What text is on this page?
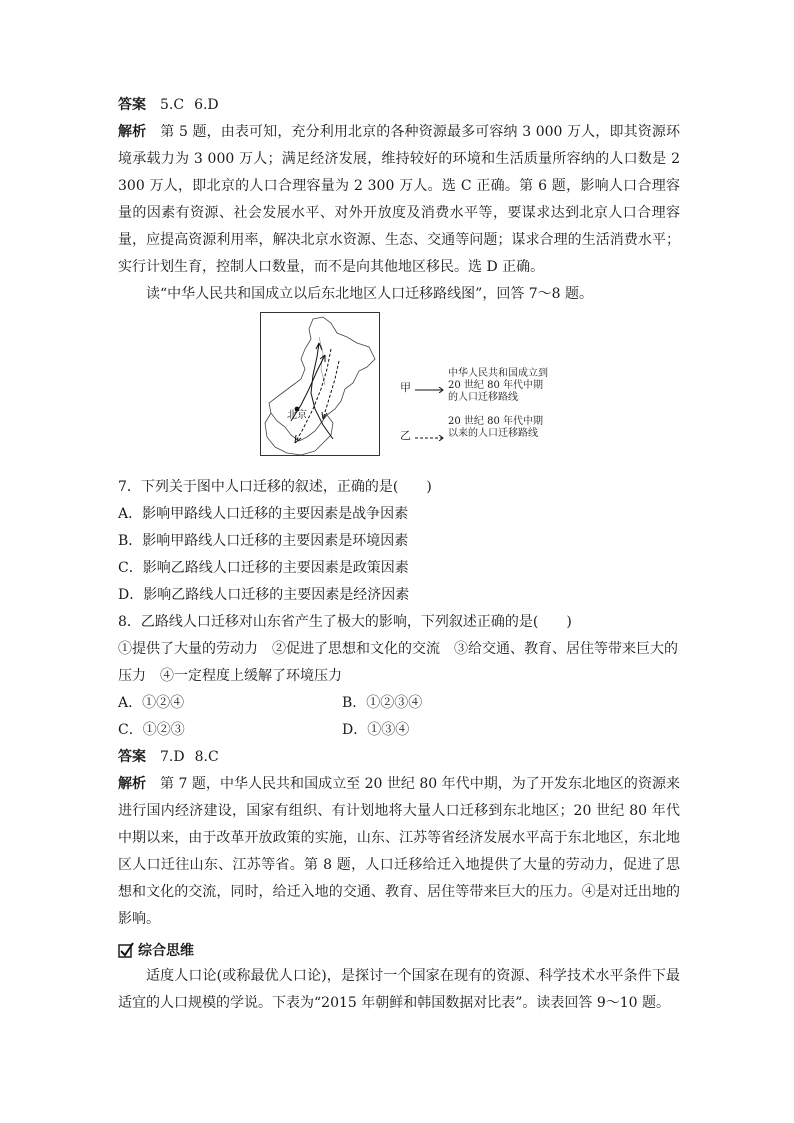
答案 5.C 6.D
解析 第 5 题，由表可知，充分利用北京的各种资源最多可容纳 3 000 万人，即其资源环境承载力为 3 000 万人；满足经济发展，维持较好的环境和生活质量所容纳的人口数是 2 300 万人，即北京的人口合理容量为 2 300 万人。选 C 正确。第 6 题，影响人口合理容量的因素有资源、社会发展水平、对外开放度及消费水平等，要谋求达到北京人口合理容量，应提高资源利用率，解决北京水资源、生态、交通等问题；谋求合理的生活消费水平；实行计划生育，控制人口数量，而不是向其他地区移民。选 D 正确。
读“中华人民共和国成立以后东北地区人口迁移路线图”，回答 7～8 题。
北京
甲
中华人民共和国成立到 20 世纪 80 年代中期的人口迁移路线
乙
20 世纪 80 年代中期以来的人口迁移路线
7．下列关于图中人口迁移的叙述，正确的是(　　)
A．影响甲路线人口迁移的主要因素是战争因素
B．影响甲路线人口迁移的主要因素是环境因素
C．影响乙路线人口迁移的主要因素是政策因素
D．影响乙路线人口迁移的主要因素是经济因素
8．乙路线人口迁移对山东省产生了极大的影响，下列叙述正确的是(　　)
①提供了大量的劳动力　②促进了思想和文化的交流　③给交通、教育、居住等带来巨大的
压力　④一定程度上缓解了环境压力
A．①②④	B．①②③④
C．①②③	D．①③④
答案 7.D 8.C
解析 第 7 题，中华人民共和国成立至 20 世纪 80 年代中期，为了开发东北地区的资源来进行国内经济建设，国家有组织、有计划地将大量人口迁移到东北地区；20 世纪 80 年代中期以来，由于改革开放政策的实施，山东、江苏等省经济发展水平高于东北地区，东北地区人口迁往山东、江苏等省。第 8 题，人口迁移给迁入地提供了大量的劳动力，促进了思想和文化的交流，同时，给迁入地的交通、教育、居住等带来巨大的压力。④是对迁出地的影响。
综合思维
适度人口论(或称最优人口论)，是探讨一个国家在现有的资源、科学技术水平条件下最适宜的人口规模的学说。下表为“2015 年朝鲜和韩国数据对比表”。读表回答 9～10 题。
